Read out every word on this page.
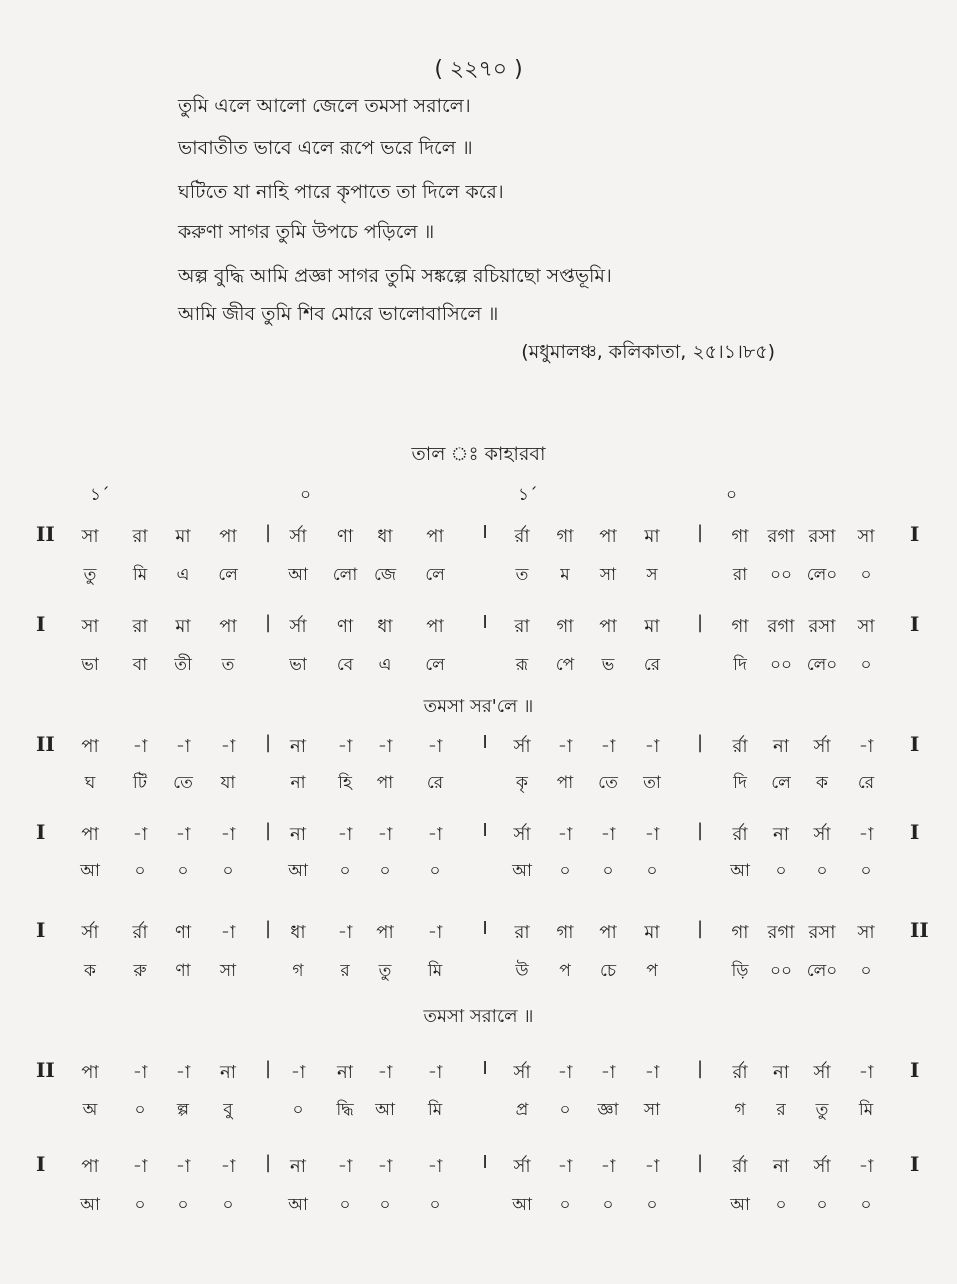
( ২২৭০ )
তুমি এলে আলো জেলে তমসা সরালে।
ভাবাতীত ভাবে এলে রূপে ভরে দিলে ॥
ঘটিতে যা নাহি পারে কৃপাতে তা দিলে করে।
করুণা সাগর তুমি উপচে পড়িলে ॥
অল্প বুদ্ধি আমি প্রজ্ঞা সাগর তুমি সঙ্কল্পে রচিয়াছো সপ্তভূমি।
আমি জীব তুমি শিব মোরে ভালোবাসিলে ॥
(মধুমালঞ্চ, কলিকাতা, ২৫।১।৮৫)
তাল ঃ কাহারবা
১´	০	১´	০
তমসা সর'লে ॥
তমসা সরালে ॥
II	I
সা রা মা পা | র্সা ণা ধা পা I র্রা গা পা মা | গা রগা রসা সা
তু মি এ লে	আ লো জে লে	ত ম সা স	রা ০০ লে০ ০
I	I
সা রা মা পা | র্সা ণা ধা পা I রা গা পা মা | গা রগা রসা সা
ভা বা তী ত	ভা বে এ লে	রূ পে ভ রে	দি ০০ লে০ ০
II	I
পা -া -া -া | না -া -া -া I র্সা -া -া -া | র্রা না র্সা -া
ঘ টি তে যা	না হি পা রে	কৃ পা তে তা	দি লে ক রে
I	I
পা -া -া -া | না -া -া -া I র্সা -া -া -া | র্রা না র্সা -া
আ ০ ০ ০	আ ০ ০ ০	আ ০ ০ ০	আ ০ ০ ০
I	II
র্সা র্রা ণা -া | ধা -া পা -া I রা গা পা মা | গা রগা রসা সা
ক রু ণা সা	গ র তু মি	উ প চে প	ড়ি ০০ লে০ ০
II	I
পা -া -া না | -া না -া -া I র্সা -া -া -া | র্রা না র্সা -া
অ ০ ল্প বু	০ দ্ধি আ মি	প্র ০ জ্ঞা সা	গ র তু মি
I	I
পা -া -া -া | না -া -া -া I র্সা -া -া -া | র্রা না র্সা -া
আ ০ ০ ০	আ ০ ০ ০	আ ০ ০ ০	আ ০ ০ ০
